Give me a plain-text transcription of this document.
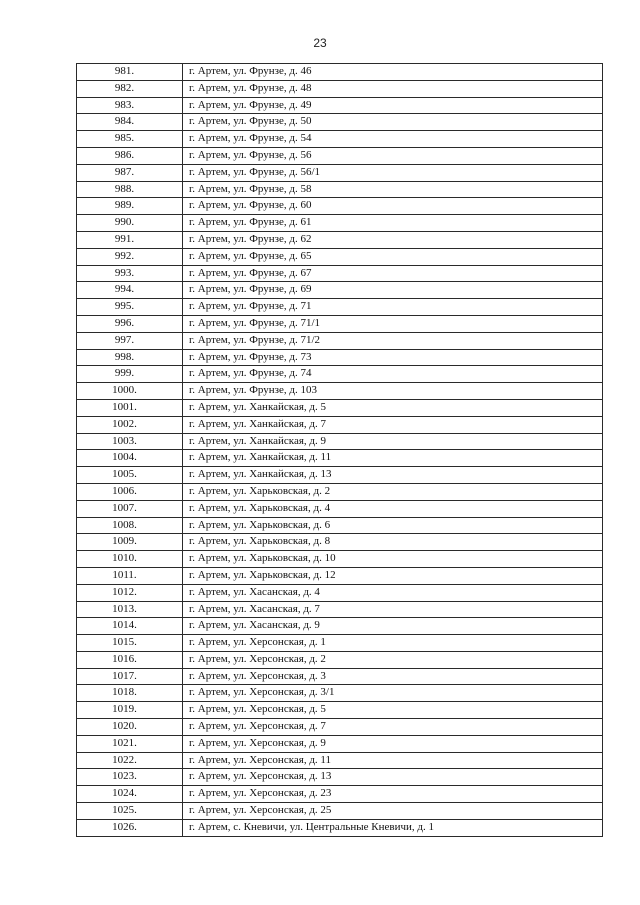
23
981.	г. Артем, ул. Фрунзе, д. 46
982.	г. Артем, ул. Фрунзе, д. 48
983.	г. Артем, ул. Фрунзе, д. 49
984.	г. Артем, ул. Фрунзе, д. 50
985.	г. Артем, ул. Фрунзе, д. 54
986.	г. Артем, ул. Фрунзе, д. 56
987.	г. Артем, ул. Фрунзе, д. 56/1
988.	г. Артем, ул. Фрунзе, д. 58
989.	г. Артем, ул. Фрунзе, д. 60
990.	г. Артем, ул. Фрунзе, д. 61
991.	г. Артем, ул. Фрунзе, д. 62
992.	г. Артем, ул. Фрунзе, д. 65
993.	г. Артем, ул. Фрунзе, д. 67
994.	г. Артем, ул. Фрунзе, д. 69
995.	г. Артем, ул. Фрунзе, д. 71
996.	г. Артем, ул. Фрунзе, д. 71/1
997.	г. Артем, ул. Фрунзе, д. 71/2
998.	г. Артем, ул. Фрунзе, д. 73
999.	г. Артем, ул. Фрунзе, д. 74
1000.	г. Артем, ул. Фрунзе, д. 103
1001.	г. Артем, ул. Ханкайская, д. 5
1002.	г. Артем, ул. Ханкайская, д. 7
1003.	г. Артем, ул. Ханкайская, д. 9
1004.	г. Артем, ул. Ханкайская, д. 11
1005.	г. Артем, ул. Ханкайская, д. 13
1006.	г. Артем, ул. Харьковская, д. 2
1007.	г. Артем, ул. Харьковская, д. 4
1008.	г. Артем, ул. Харьковская, д. 6
1009.	г. Артем, ул. Харьковская, д. 8
1010.	г. Артем, ул. Харьковская, д. 10
1011.	г. Артем, ул. Харьковская, д. 12
1012.	г. Артем, ул. Хасанская, д. 4
1013.	г. Артем, ул. Хасанская, д. 7
1014.	г. Артем, ул. Хасанская, д. 9
1015.	г. Артем, ул. Херсонская, д. 1
1016.	г. Артем, ул. Херсонская, д. 2
1017.	г. Артем, ул. Херсонская, д. 3
1018.	г. Артем, ул. Херсонская, д. 3/1
1019.	г. Артем, ул. Херсонская, д. 5
1020.	г. Артем, ул. Херсонская, д. 7
1021.	г. Артем, ул. Херсонская, д. 9
1022.	г. Артем, ул. Херсонская, д. 11
1023.	г. Артем, ул. Херсонская, д. 13
1024.	г. Артем, ул. Херсонская, д. 23
1025.	г. Артем, ул. Херсонская, д. 25
1026.	г. Артем, с. Кневичи, ул. Центральные Кневичи, д. 1
